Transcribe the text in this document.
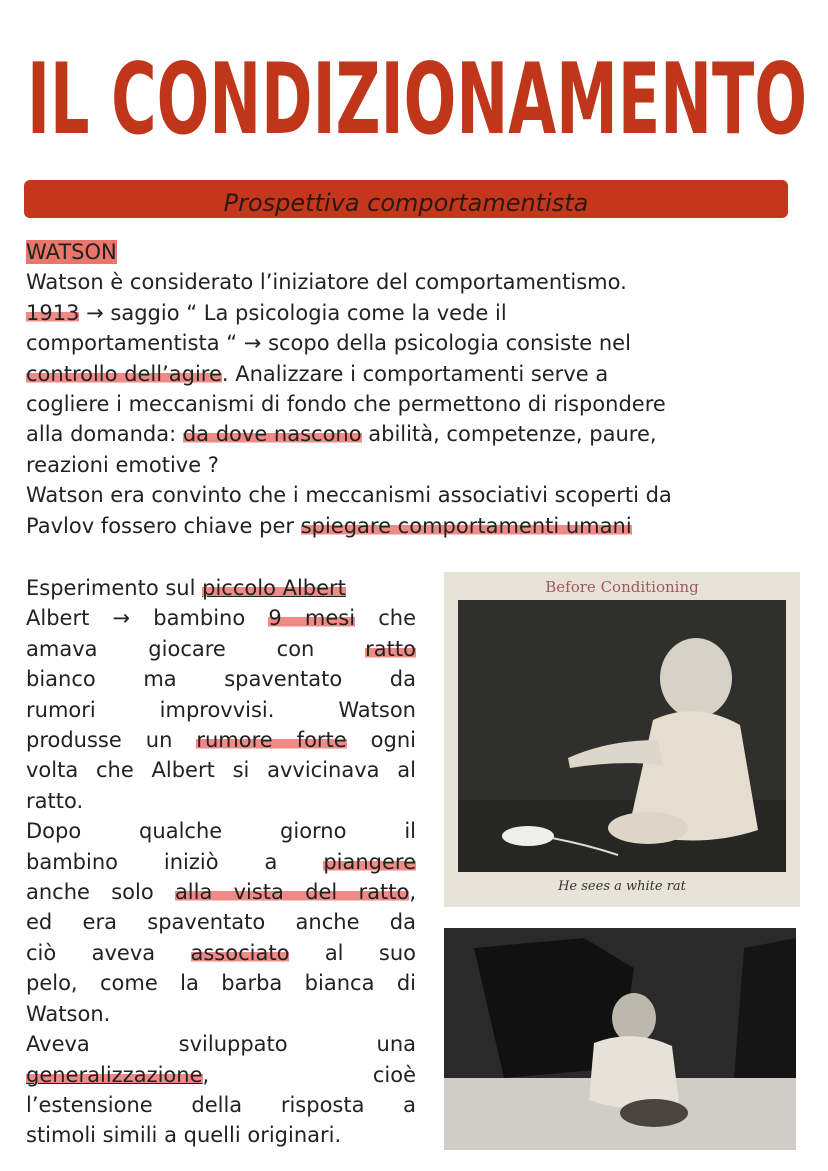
IL CONDIZIONAMENTO
Prospettiva comportamentista
WATSON
Watson è considerato l’iniziatore del comportamentismo.
1913 → saggio “ La psicologia come la vede il
comportamentista “ → scopo della psicologia consiste nel
controllo dell’agire. Analizzare i comportamenti serve a
cogliere i meccanismi di fondo che permettono di rispondere
alla domanda: da dove nascono abilità, competenze, paure,
reazioni emotive ?
Watson era convinto che i meccanismi associativi scoperti da
Pavlov fossero chiave per spiegare comportamenti umani
Esperimento sul piccolo Albert
Albert → bambino 9 mesi che
amava giocare con ratto
bianco ma spaventato da
rumori improvvisi. Watson
produsse un rumore forte ogni
volta che Albert si avvicinava al
ratto.
Dopo qualche giorno il
bambino iniziò a piangere
anche solo alla vista del ratto,
ed era spaventato anche da
ciò aveva associato al suo
pelo, come la barba bianca di
Watson.
Aveva sviluppato una
generalizzazione, cioè
l’estensione della risposta a
stimoli simili a quelli originari.
Before Conditioning
He sees a white rat
